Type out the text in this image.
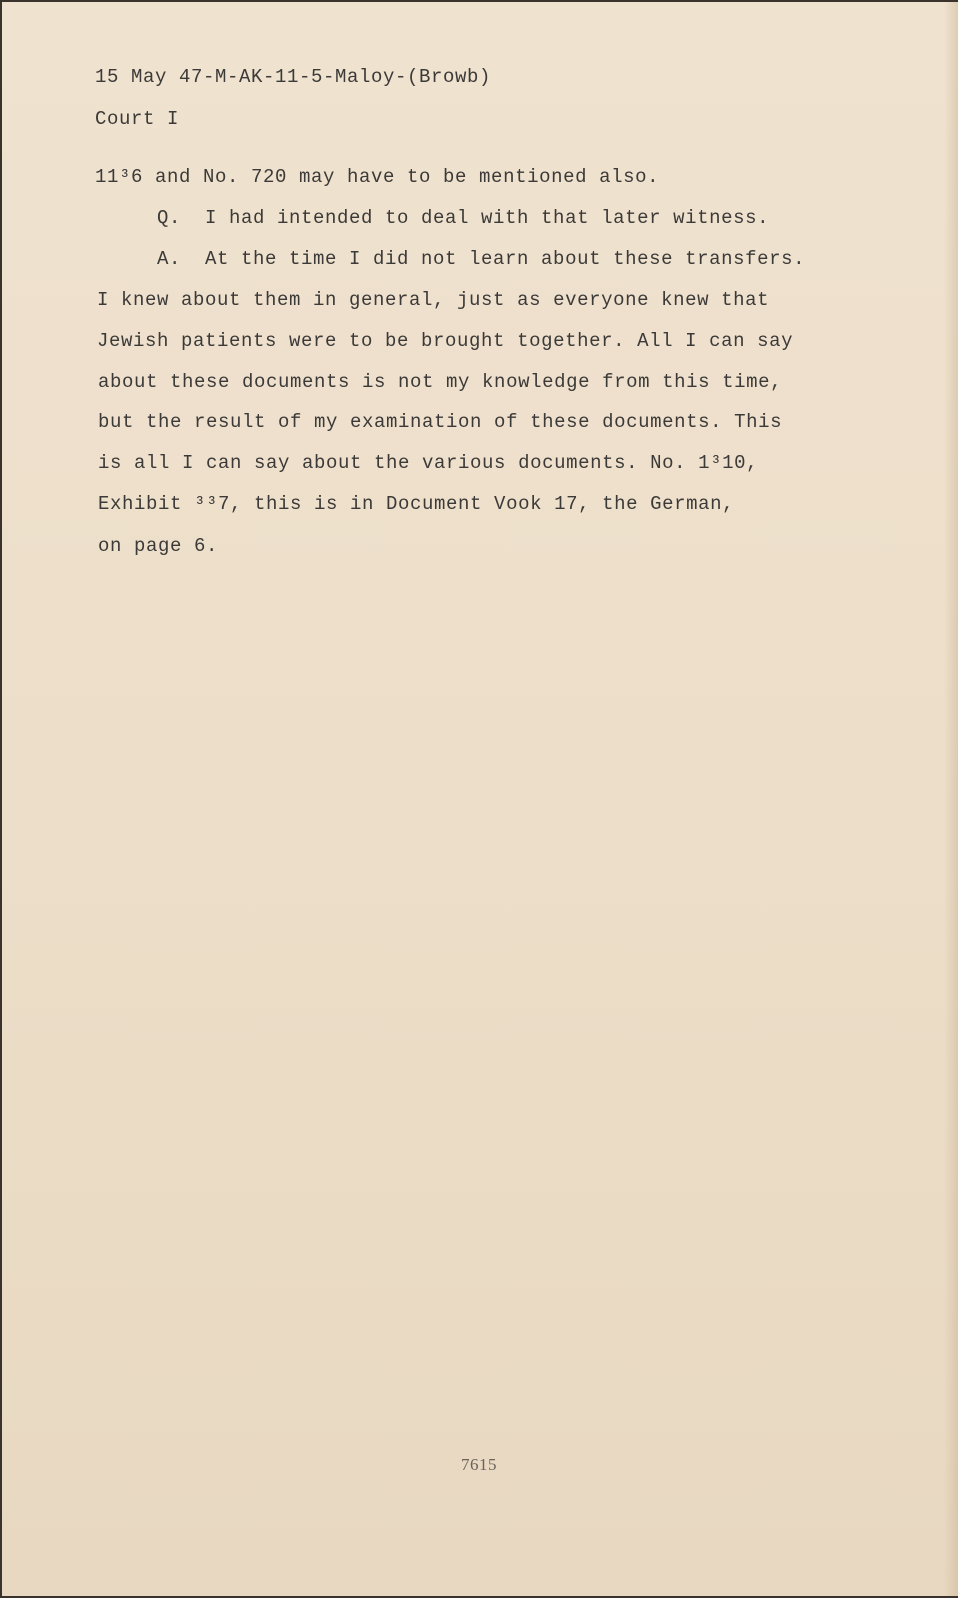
15 May 47-M-AK-11-5-Maloy-(Browb)
Court I
11³6 and No. 720 may have to be mentioned also.
Q.  I had intended to deal with that later witness.
A.  At the time I did not learn about these transfers.
I knew about them in general, just as everyone knew that
Jewish patients were to be brought together. All I can say
about these documents is not my knowledge from this time,
but the result of my examination of these documents. This
is all I can say about the various documents. No. 1³10,
Exhibit ³³7, this is in Document Vook 17, the German,
on page 6.
7615
